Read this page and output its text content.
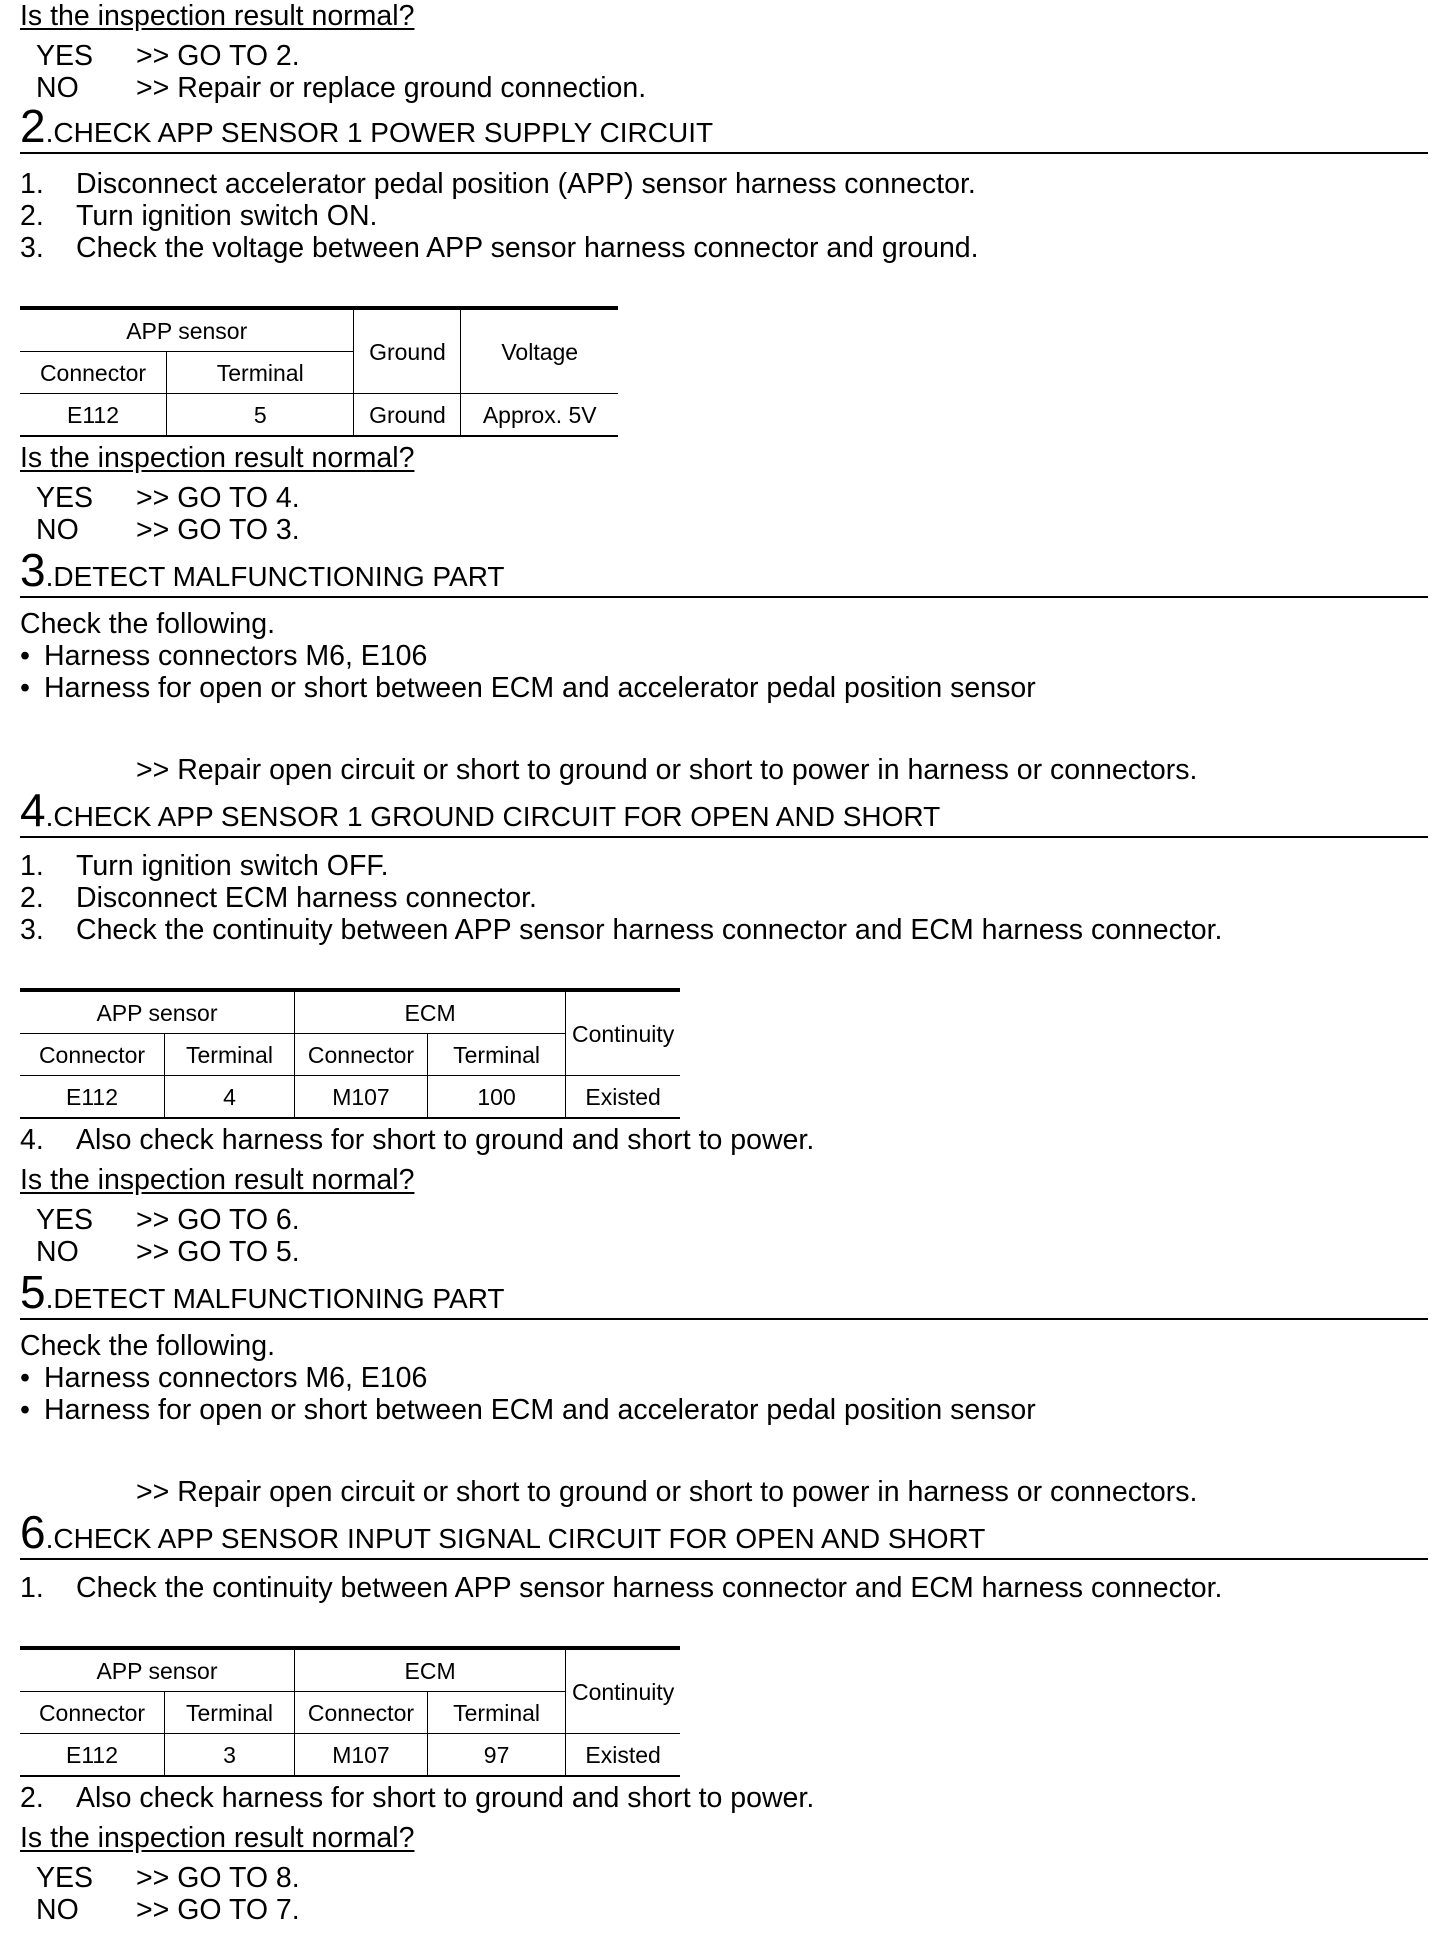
Is the inspection result normal?
YES >> GO TO 2.
NO >> Repair or replace ground connection.
2.CHECK APP SENSOR 1 POWER SUPPLY CIRCUIT
1. Disconnect accelerator pedal position (APP) sensor harness connector.
2. Turn ignition switch ON.
3. Check the voltage between APP sensor harness connector and ground.
APP sensor		Ground	Voltage
Connector	Terminal		
E112	5	Ground	Approx. 5V
Is the inspection result normal?
YES >> GO TO 4.
NO >> GO TO 3.
3.DETECT MALFUNCTIONING PART
Check the following.
• Harness connectors M6, E106
• Harness for open or short between ECM and accelerator pedal position sensor
>> Repair open circuit or short to ground or short to power in harness or connectors.
4.CHECK APP SENSOR 1 GROUND CIRCUIT FOR OPEN AND SHORT
1. Turn ignition switch OFF.
2. Disconnect ECM harness connector.
3. Check the continuity between APP sensor harness connector and ECM harness connector.
APP sensor		ECM		Continuity
Connector	Terminal	Connector	Terminal	
E112	4	M107	100	Existed
4. Also check harness for short to ground and short to power.
Is the inspection result normal?
YES >> GO TO 6.
NO >> GO TO 5.
5.DETECT MALFUNCTIONING PART
Check the following.
• Harness connectors M6, E106
• Harness for open or short between ECM and accelerator pedal position sensor
>> Repair open circuit or short to ground or short to power in harness or connectors.
6.CHECK APP SENSOR INPUT SIGNAL CIRCUIT FOR OPEN AND SHORT
1. Check the continuity between APP sensor harness connector and ECM harness connector.
APP sensor		ECM		Continuity
Connector	Terminal	Connector	Terminal	
E112	3	M107	97	Existed
2. Also check harness for short to ground and short to power.
Is the inspection result normal?
YES >> GO TO 8.
NO >> GO TO 7.
